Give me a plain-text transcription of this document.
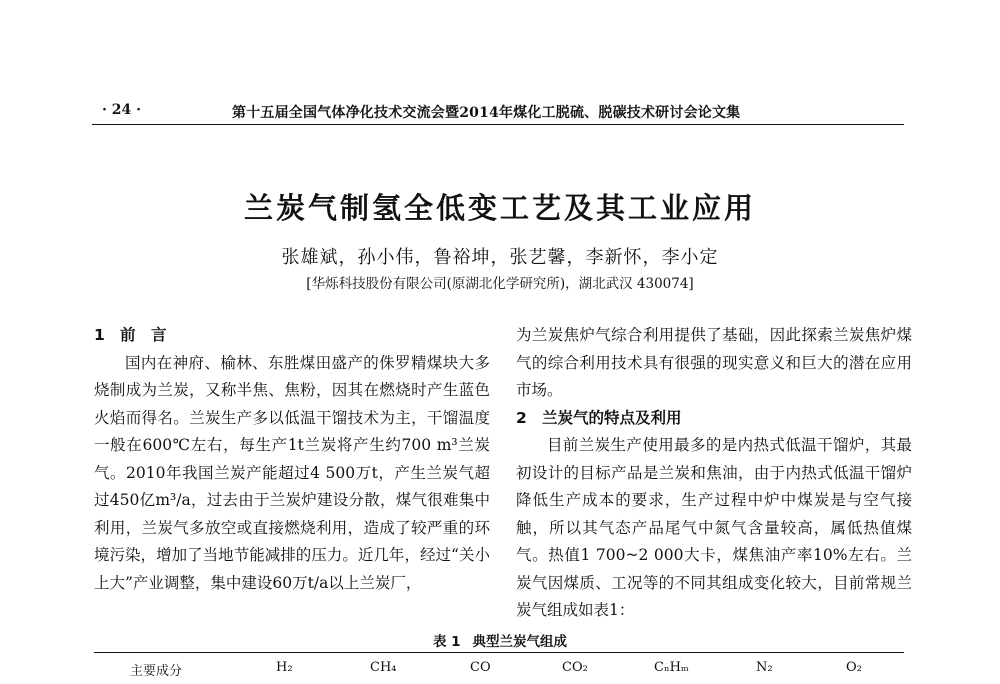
· 24 ·	第十五届全国气体净化技术交流会暨2014年煤化工脱硫、脱碳技术研讨会论文集
兰炭气制氢全低变工艺及其工业应用
张雄斌，孙小伟，鲁裕坤，张艺馨，李新怀，李小定
[华烁科技股份有限公司(原湖北化学研究所)，湖北武汉 430074]
1 前　言

国内在神府、榆林、东胜煤田盛产的侏罗精煤块大多烧制成为兰炭，又称半焦、焦粉，因其在燃烧时产生蓝色火焰而得名。兰炭生产多以低温干馏技术为主，干馏温度一般在600℃左右，每生产1t兰炭将产生约700 m³兰炭气。2010年我国兰炭产能超过4 500万t，产生兰炭气超过450亿m³/a，过去由于兰炭炉建设分散，煤气很难集中利用，兰炭气多放空或直接燃烧利用，造成了较严重的环境污染，增加了当地节能减排的压力。近几年，经过“关小上大”产业调整，集中建设60万t/a以上兰炭厂，

为兰炭焦炉气综合利用提供了基础，因此探索兰炭焦炉煤气的综合利用技术具有很强的现实意义和巨大的潜在应用市场。

2 兰炭气的特点及利用

目前兰炭生产使用最多的是内热式低温干馏炉，其最初设计的目标产品是兰炭和焦油，由于内热式低温干馏炉降低生产成本的要求，生产过程中炉中煤炭是与空气接触，所以其气态产品尾气中氮气含量较高，属低热值煤气。热值1 700~2 000大卡，煤焦油产率10%左右。兰炭气因煤质、工况等的不同其组成变化较大，目前常规兰炭气组成如表1：

表 1 典型兰炭气组成
主要成分	H₂	CH₄	CO	CO₂	CₙHₘ	N₂	O₂
